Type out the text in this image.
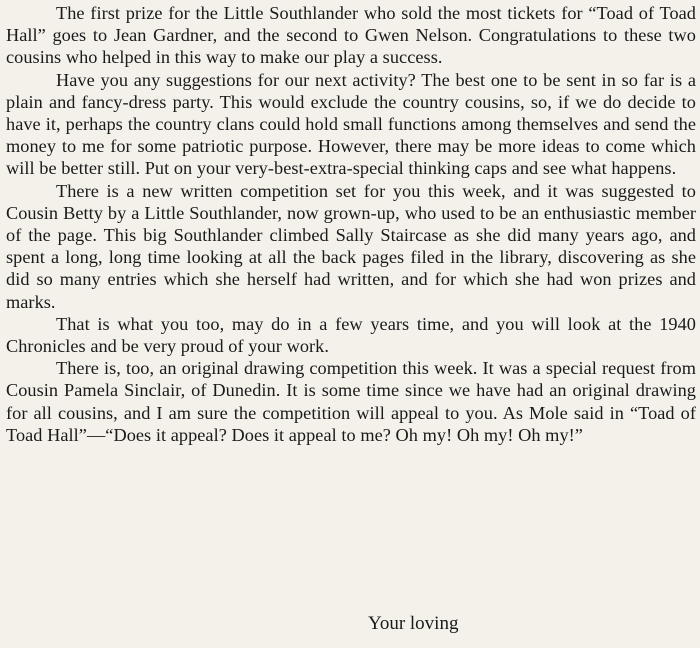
The first prize for the Little Southlander who sold the most tickets for “Toad of Toad Hall” goes to Jean Gardner, and the second to Gwen Nelson. Congratulations to these two cousins who helped in this way to make our play a success.

Have you any suggestions for our next activity? The best one to be sent in so far is a plain and fancy-dress party. This would exclude the country cousins, so, if we do decide to have it, perhaps the country clans could hold small functions among themselves and send the money to me for some patriotic purpose. However, there may be more ideas to come which will be better still. Put on your very-best-extra-special thinking caps and see what happens.

There is a new written competition set for you this week, and it was suggested to Cousin Betty by a Little Southlander, now grown-up, who used to be an enthusiastic member of the page. This big Southlander climbed Sally Staircase as she did many years ago, and spent a long, long time looking at all the back pages filed in the library, discovering as she did so many entries which she herself had written, and for which she had won prizes and marks.

That is what you too, may do in a few years time, and you will look at the 1940 Chronicles and be very proud of your work.

There is, too, an original drawing competition this week. It was a special request from Cousin Pamela Sinclair, of Dunedin. It is some time since we have had an original drawing for all cousins, and I am sure the competition will appeal to you. As Mole said in “Toad of Toad Hall”—“Does it appeal? Does it appeal to me? Oh my! Oh my! Oh my!”

Your loving
